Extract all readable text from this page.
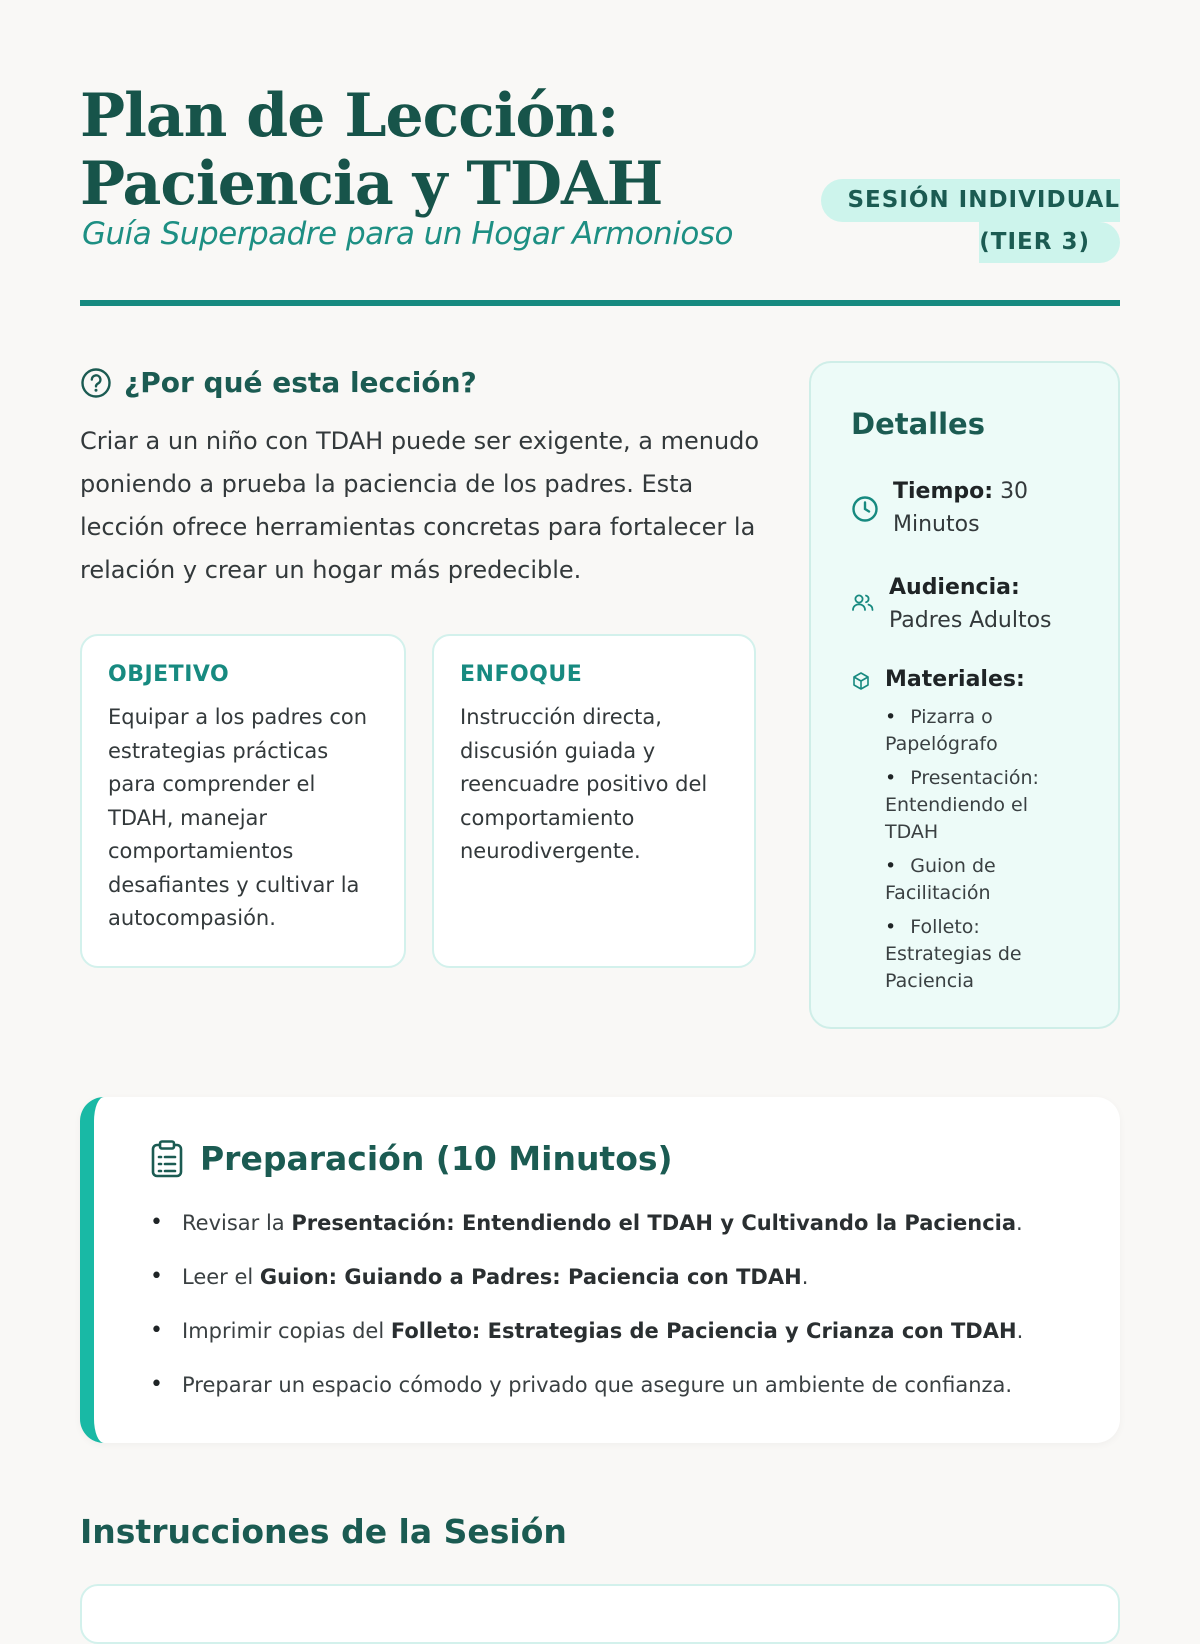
Plan de Lección:
Paciencia y TDAH

Guía Superpadre para un Hogar Armonioso

SESIÓN INDIVIDUAL
(TIER 3)
¿Por qué esta lección?

Criar a un niño con TDAH puede ser exigente, a menudo poniendo a prueba la paciencia de los padres. Esta lección ofrece herramientas concretas para fortalecer la relación y crear un hogar más predecible.

OBJETIVO

Equipar a los padres con estrategias prácticas para comprender el TDAH, manejar comportamientos desafiantes y cultivar la autocompasión.

ENFOQUE

Instrucción directa, discusión guiada y reencuadre positivo del comportamiento neurodivergente.

Detalles
Tiempo: 30 Minutos
Audiencia:
Padres Adultos
Materiales:
• Pizarra o Papelógrafo
• Presentación: Entendiendo el TDAH
• Guion de Facilitación
• Folleto: Estrategias de Paciencia
Preparación (10 Minutos)
• Revisar la Presentación: Entendiendo el TDAH y Cultivando la Paciencia.
• Leer el Guion: Guiando a Padres: Paciencia con TDAH.
• Imprimir copias del Folleto: Estrategias de Paciencia y Crianza con TDAH.
• Preparar un espacio cómodo y privado que asegure un ambiente de confianza.
Instrucciones de la Sesión
